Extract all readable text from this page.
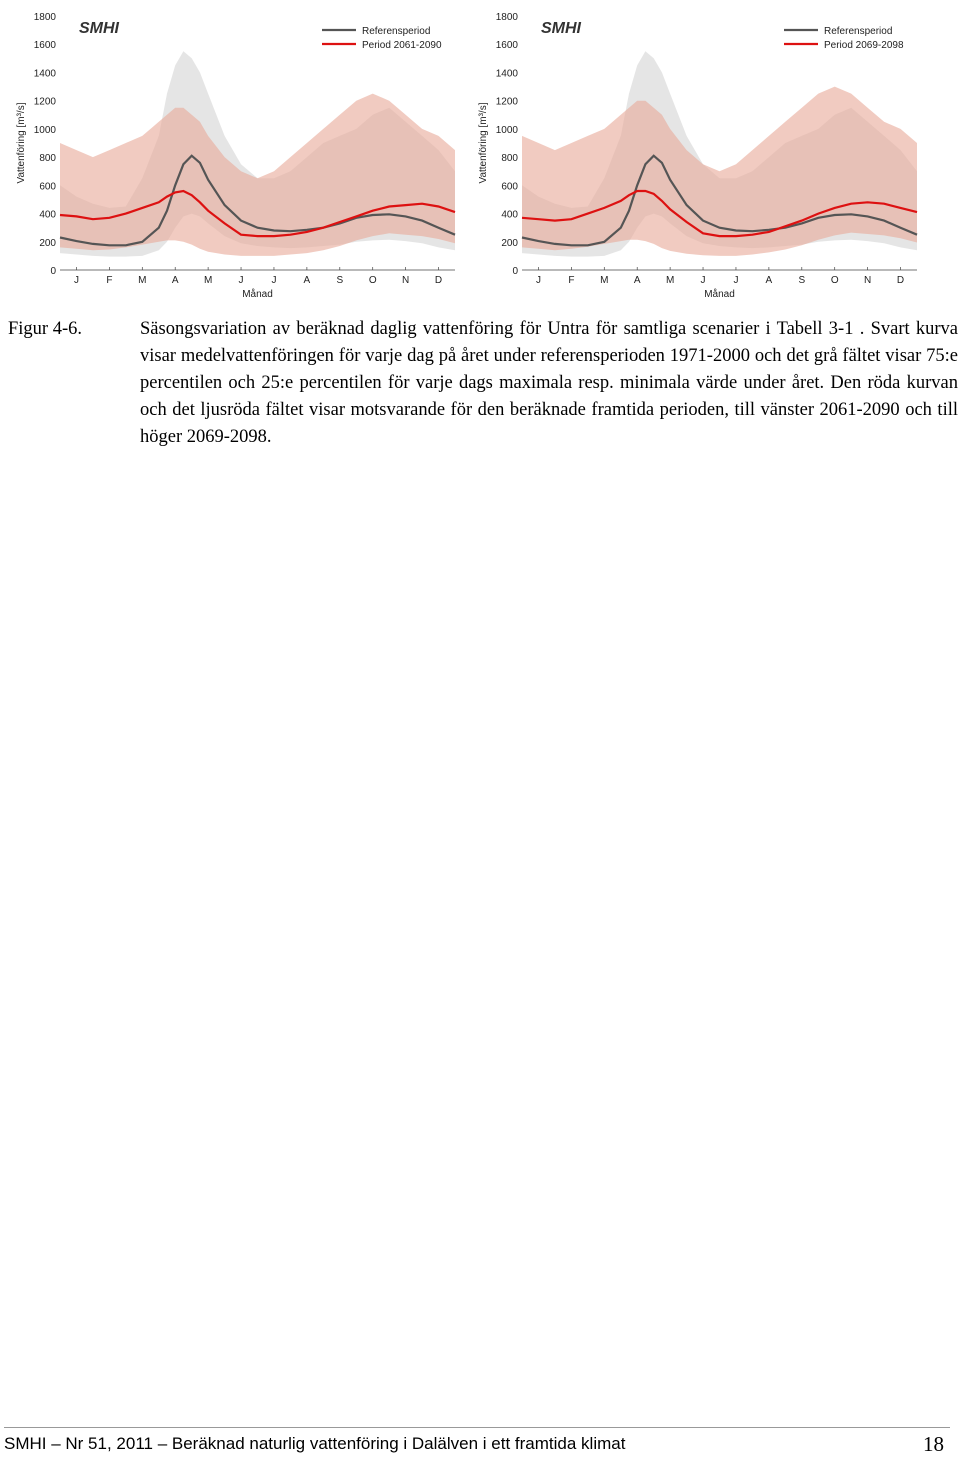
0
200
400
600
800
1000
1200
1400
1600
1800
J	F	M	A	M	J	J	A	S	O	N	D
Månad
Vattenföring [m³/s]
SMHI	Referensperiod
Period 2061-2090
0
200
400
600
800
1000
1200
1400
1600
1800
J	F	M	A	M	J	J	A	S	O	N	D
Månad
Vattenföring [m³/s]
SMHI	Referensperiod
Period 2069-2098
Figur 4-6.	Säsongsvariation av beräknad daglig vattenföring för Untra för samtliga scenarier i Tabell 3-1 . Svart kurva visar medelvattenföringen för varje dag på året under referensperioden 1971-2000 och det grå fältet visar 75:e percentilen och 25:e percentilen för varje dags maximala resp. minimala värde under året. Den röda kurvan och det ljusröda fältet visar motsvarande för den beräknade framtida perioden, till vänster 2061-2090 och till höger 2069-2098.
SMHI – Nr 51, 2011 – Beräknad naturlig vattenföring i Dalälven i ett framtida klimat	18
